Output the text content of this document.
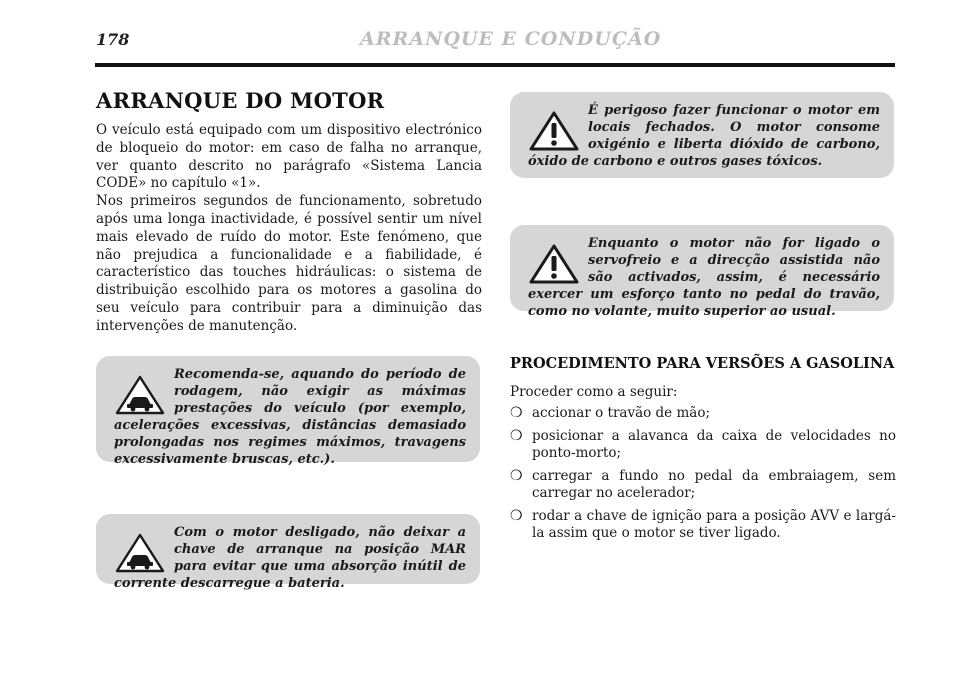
178	ARRANQUE E CONDUÇÃO
ARRANQUE DO MOTOR

O veículo está equipado com um dispositivo electrónico de bloqueio do motor: em caso de falha no arranque, ver quanto descrito no parágrafo «Sistema Lancia CODE» no capítulo «1».

Nos primeiros segundos de funcionamento, sobretudo após uma longa inactividade, é possível sentir um nível mais elevado de ruído do motor. Este fenómeno, que não prejudica a funcionalidade e a fiabilidade, é característico das touches hidráulicas: o sistema de distribuição escolhido para os motores a gasolina do seu veículo para contribuir para a diminuição das intervenções de manutenção.

Recomenda-se, aquando do período de rodagem, não exigir as máximas prestações do veículo (por exemplo, acelerações excessivas, distâncias demasiado prolongadas nos regimes máximos, travagens excessivamente bruscas, etc.).

Com o motor desligado, não deixar a chave de arranque na posição MAR para evitar que uma absorção inútil de corrente descarregue a bateria.

É perigoso fazer funcionar o motor em locais fechados. O motor consome oxigénio e liberta dióxido de carbono, óxido de carbono e outros gases tóxicos.

Enquanto o motor não for ligado o servofreio e a direcção assistida não são activados, assim, é necessário exercer um esforço tanto no pedal do travão, como no volante, muito superior ao usual.

PROCEDIMENTO PARA VERSÕES A GASOLINA

Proceder como a seguir:

❍ accionar o travão de mão;
❍ posicionar a alavanca da caixa de velocidades no ponto-morto;
❍ carregar a fundo no pedal da embraiagem, sem carregar no acelerador;
❍ rodar a chave de ignição para a posição AVV e largá-la assim que o motor se tiver ligado.
